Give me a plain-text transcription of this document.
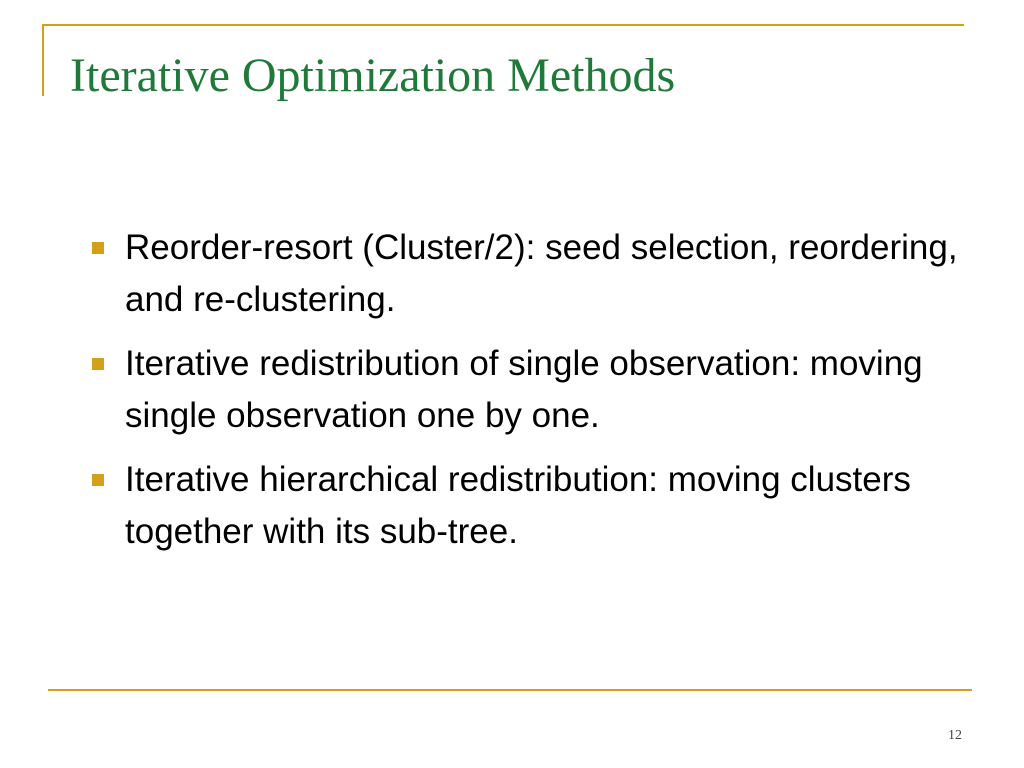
Iterative Optimization Methods
Reorder-resort (Cluster/2): seed selection, reordering, and re-clustering.
Iterative redistribution of single observation: moving single observation one by one.
Iterative hierarchical redistribution: moving clusters together with its sub-tree.
12
